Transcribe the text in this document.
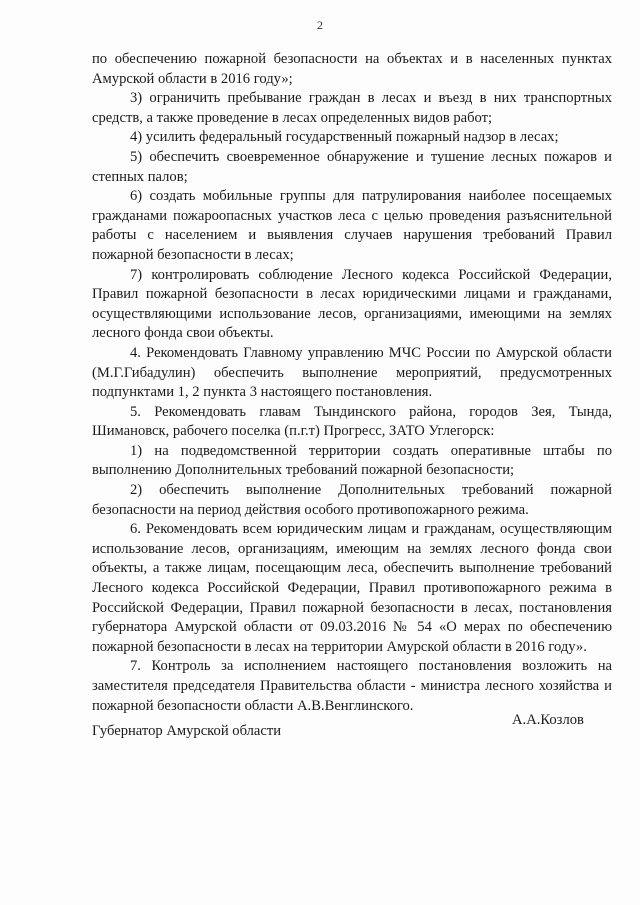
2

по обеспечению пожарной безопасности на объектах и в населенных пунктах Амурской области в 2016 году»;

3) ограничить пребывание граждан в лесах и въезд в них транспортных средств, а также проведение в лесах определенных видов работ;

4) усилить федеральный государственный пожарный надзор в лесах;

5) обеспечить своевременное обнаружение и тушение лесных пожаров и степных палов;

6) создать мобильные группы для патрулирования наиболее посещаемых гражданами пожароопасных участков леса с целью проведения разъяснительной работы с населением и выявления случаев нарушения требований Правил пожарной безопасности в лесах;

7) контролировать соблюдение Лесного кодекса Российской Федерации, Правил пожарной безопасности в лесах юридическими лицами и гражданами, осуществляющими использование лесов, организациями, имеющими на землях лесного фонда свои объекты.

4. Рекомендовать Главному управлению МЧС России по Амурской области (М.Г.Гибадулин) обеспечить выполнение мероприятий, предусмотренных подпунктами 1, 2 пункта 3 настоящего постановления.

5. Рекомендовать главам Тындинского района, городов Зея, Тында, Шимановск, рабочего поселка (п.г.т) Прогресс, ЗАТО Углегорск:

1) на подведомственной территории создать оперативные штабы по выполнению Дополнительных требований пожарной безопасности;

2) обеспечить выполнение Дополнительных требований пожарной безопасности на период действия особого противопожарного режима.

6. Рекомендовать всем юридическим лицам и гражданам, осуществляющим использование лесов, организациям, имеющим на землях лесного фонда свои объекты, а также лицам, посещающим леса, обеспечить выполнение требований Лесного кодекса Российской Федерации, Правил противопожарного режима в Российской Федерации, Правил пожарной безопасности в лесах, постановления губернатора Амурской области от 09.03.2016 № 54 «О мерах по обеспечению пожарной безопасности в лесах на территории Амурской области в 2016 году».

7. Контроль за исполнением настоящего постановления возложить на заместителя председателя Правительства области - министра лесного хозяйства и пожарной безопасности области А.В.Венглинского.

Губернатор Амурской области
А.А.Козлов
